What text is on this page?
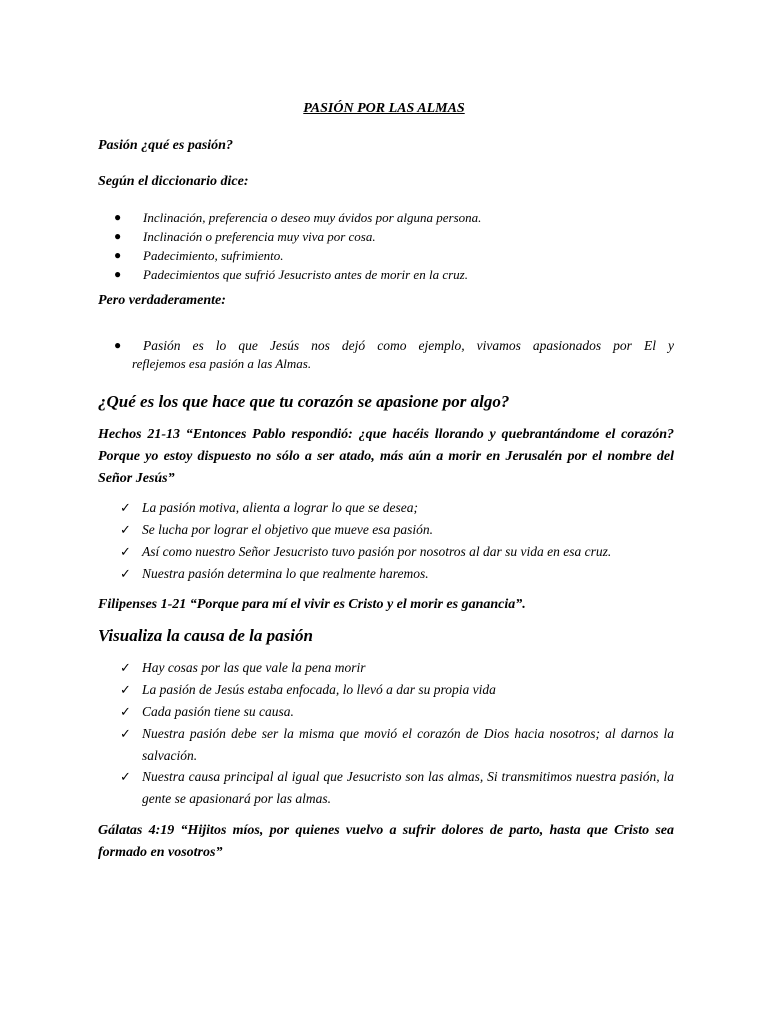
PASIÓN POR LAS ALMAS
Pasión ¿qué es pasión?
Según el diccionario dice:
● Inclinación, preferencia o deseo muy ávidos por alguna persona.
● Inclinación o preferencia muy viva por cosa.
● Padecimiento, sufrimiento.
● Padecimientos que sufrió Jesucristo antes de morir en la cruz.
Pero verdaderamente:
● Pasión es lo que Jesús nos dejó como ejemplo, vivamos apasionados por El y
reflejemos esa pasión a las Almas.
¿Qué es los que hace que tu corazón se apasione por algo?
Hechos 21-13 “Entonces Pablo respondió: ¿que hacéis llorando y quebrantándome el corazón? Porque yo estoy dispuesto no sólo a ser atado, más aún a morir en Jerusalén por el nombre del Señor Jesús”
✓ La pasión motiva, alienta a lograr lo que se desea;
✓ Se lucha por lograr el objetivo que mueve esa pasión.
✓ Así como nuestro Señor Jesucristo tuvo pasión por nosotros al dar su vida en esa cruz.
✓ Nuestra pasión determina lo que realmente haremos.
Filipenses 1-21 “Porque para mí el vivir es Cristo y el morir es ganancia”.
Visualiza la causa de la pasión
✓ Hay cosas por las que vale la pena morir
✓ La pasión de Jesús estaba enfocada, lo llevó a dar su propia vida
✓ Cada pasión tiene su causa.
✓ Nuestra pasión debe ser la misma que movió el corazón de Dios hacia nosotros; al darnos la salvación.
✓ Nuestra causa principal al igual que Jesucristo son las almas, Si transmitimos nuestra pasión, la gente se apasionará por las almas.
Gálatas 4:19 “Hijitos míos, por quienes vuelvo a sufrir dolores de parto, hasta que Cristo sea formado en vosotros”
